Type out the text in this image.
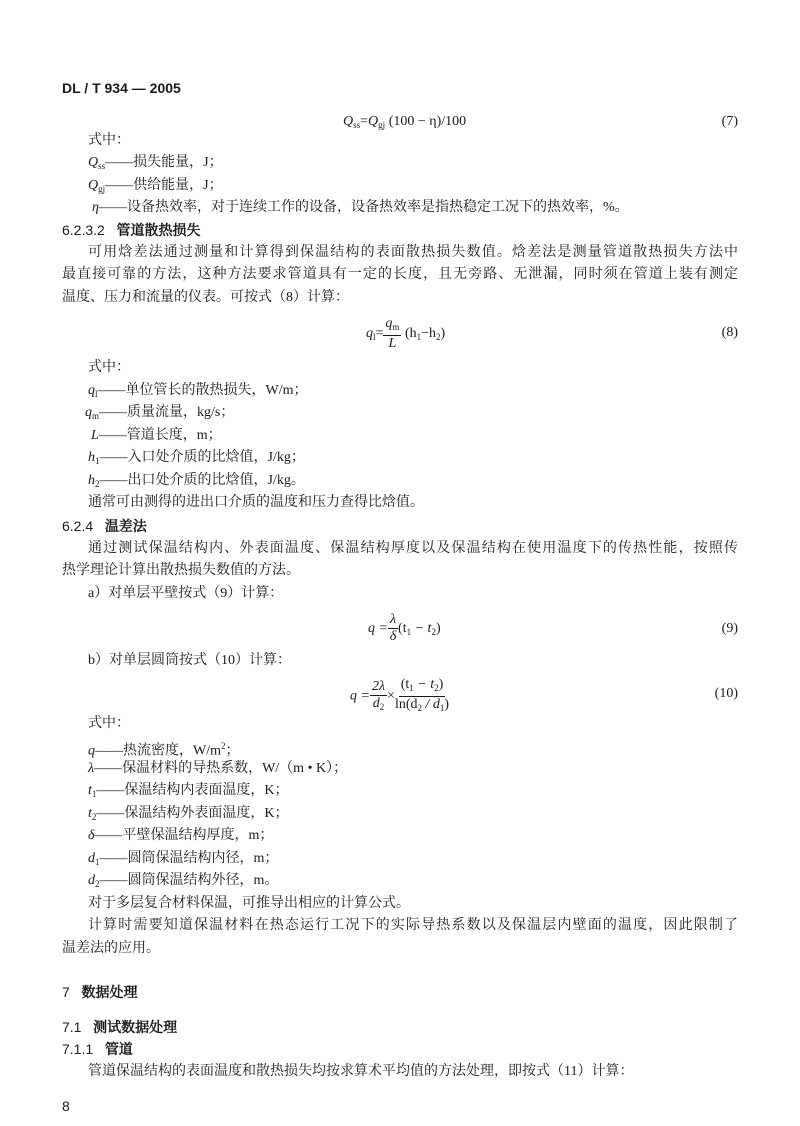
DL / T 934 — 2005
$Q_{ss}=Q_{gj}$ (100 − η)/100	(7)
式中：
$Q_{ss}——$损失能量，J；
$Q_{gj}——$供给能量，J；
η——设备热效率，对于连续工作的设备，设备热效率是指热稳定工况下的热效率，%。
6.2.3.2 管道散热损失
可用焓差法通过测量和计算得到保温结构的表面散热损失数值。焓差法是测量管道散热损失方法中
最直接可靠的方法，这种方法要求管道具有一定的长度，且无旁路、无泄漏，同时须在管道上装有测定
温度、压力和流量的仪表。可按式（8）计算：
$q_l= \frac{q_m}{L} (h_1-h_2)$	(8)
式中：
$q_l——$单位管长的散热损失，W/m；
$q_m——$质量流量，kg/s；
L——管道长度，m；
$h_1——$入口处介质的比焓值，J/kg；
$h_2——$出口处介质的比焓值，J/kg。
通常可由测得的进出口介质的温度和压力查得比焓值。
6.2.4 温差法
通过测试保温结构内、外表面温度、保温结构厚度以及保温结构在使用温度下的传热性能，按照传
热学理论计算出散热损失数值的方法。
a）对单层平壁按式（9）计算：
$q = \frac{\lambda}{\delta} (t_1 - t_2)$	(9)
b）对单层圆筒按式（10）计算：
$q = \frac{2\lambda}{d_2} \times \frac{(t_1 - t_2)}{\ln(d_2 / d_1)}$	(10)
式中：
q——热流密度，$W/m^2$；
λ——保温材料的导热系数，W/（m • K）；
$t_1——$保温结构内表面温度，K；
$t_2——$保温结构外表面温度，K；
δ——平壁保温结构厚度，m；
$d_1——$圆筒保温结构内径，m；
$d_2——$圆筒保温结构外径，m。
对于多层复合材料保温，可推导出相应的计算公式。
计算时需要知道保温材料在热态运行工况下的实际导热系数以及保温层内壁面的温度，因此限制了
温差法的应用。
7 数据处理
7.1 测试数据处理
7.1.1 管道
管道保温结构的表面温度和散热损失均按求算术平均值的方法处理，即按式（11）计算：
8
